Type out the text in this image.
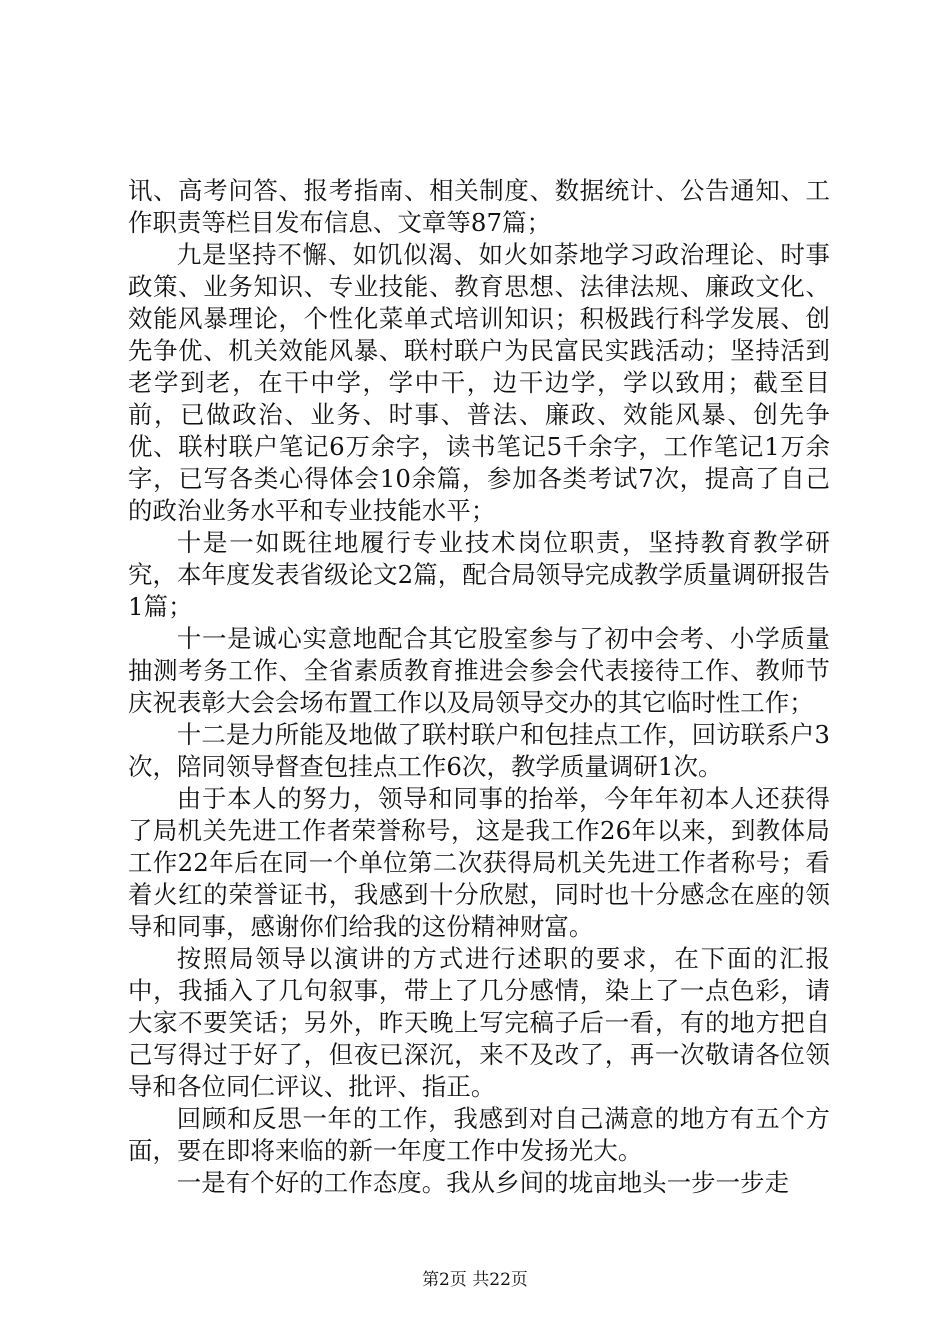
讯、高考问答、报考指南、相关制度、数据统计、公告通知、工作职责等栏目发布信息、文章等87篇；

九是坚持不懈、如饥似渴、如火如荼地学习政治理论、时事政策、业务知识、专业技能、教育思想、法律法规、廉政文化、效能风暴理论，个性化菜单式培训知识；积极践行科学发展、创先争优、机关效能风暴、联村联户为民富民实践活动；坚持活到老学到老，在干中学，学中干，边干边学，学以致用；截至目前，已做政治、业务、时事、普法、廉政、效能风暴、创先争优、联村联户笔记6万余字，读书笔记5千余字，工作笔记1万余字，已写各类心得体会10余篇，参加各类考试7次，提高了自己的政治业务水平和专业技能水平；

十是一如既往地履行专业技术岗位职责，坚持教育教学研究，本年度发表省级论文2篇，配合局领导完成教学质量调研报告1篇；

十一是诚心实意地配合其它股室参与了初中会考、小学质量抽测考务工作、全省素质教育推进会参会代表接待工作、教师节庆祝表彰大会会场布置工作以及局领导交办的其它临时性工作；

十二是力所能及地做了联村联户和包挂点工作，回访联系户3次，陪同领导督查包挂点工作6次，教学质量调研1次。

由于本人的努力，领导和同事的抬举，今年年初本人还获得了局机关先进工作者荣誉称号，这是我工作26年以来，到教体局工作22年后在同一个单位第二次获得局机关先进工作者称号；看着火红的荣誉证书，我感到十分欣慰，同时也十分感念在座的领导和同事，感谢你们给我的这份精神财富。

按照局领导以演讲的方式进行述职的要求，在下面的汇报中，我插入了几句叙事，带上了几分感情，染上了一点色彩，请大家不要笑话；另外，昨天晚上写完稿子后一看，有的地方把自己写得过于好了，但夜已深沉，来不及改了，再一次敬请各位领导和各位同仁评议、批评、指正。

回顾和反思一年的工作，我感到对自己满意的地方有五个方面，要在即将来临的新一年度工作中发扬光大。

一是有个好的工作态度。我从乡间的垅亩地头一步一步走

第2页 共22页
